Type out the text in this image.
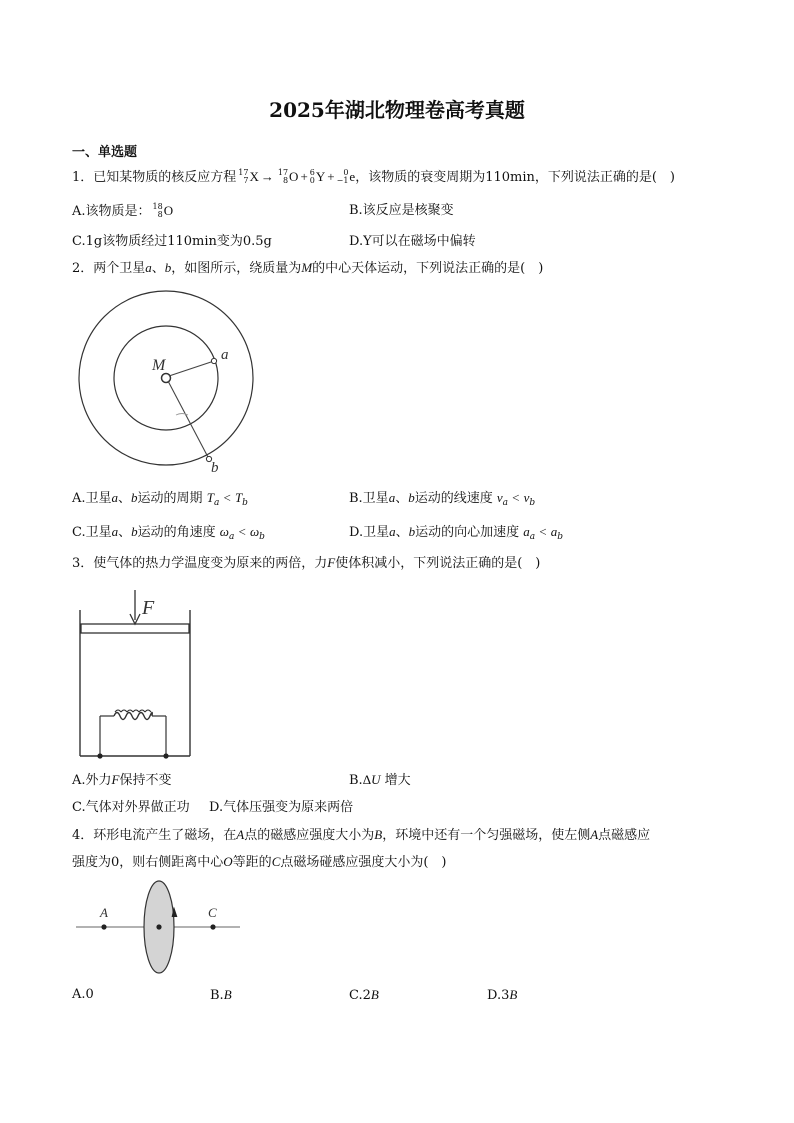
2025年湖北物理卷高考真题
一、单选题
1．已知某物质的核反应方程 17
7 X → 17
8 O + 6
0 Y +	0
−1 e，该物质的衰变周期为110min，下列说法正确的是(　)
A.该物质是： 18
8 O	B.该反应是核聚变
C.1g该物质经过110min变为0.5g	D.Y可以在磁场中偏转
2．两个卫星a、b，如图所示，绕质量为M的中心天体运动，下列说法正确的是(　)
M
a
b
A.卫星a、b运动的周期 $T_a < T_b$	B.卫星a、b运动的线速度 $v_a < v_b$
C.卫星a、b运动的角速度 $\omega_a < \omega_b$	D.卫星a、b运动的向心加速度 $a_a < a_b$
3．使气体的热力学温度变为原来的两倍，力F使体积减小，下列说法正确的是(　)
F
A.外力F保持不变	B.ΔU 增大
C.气体对外界做正功 D.气体压强变为原来两倍
4．环形电流产生了磁场，在A点的磁感应强度大小为B，环境中还有一个匀强磁场，使左侧A点磁感应
强度为0，则右侧距离中心O等距的C点磁场碰感应强度大小为(　)
A	C
A.0	B.B	C.2B	D.3B
